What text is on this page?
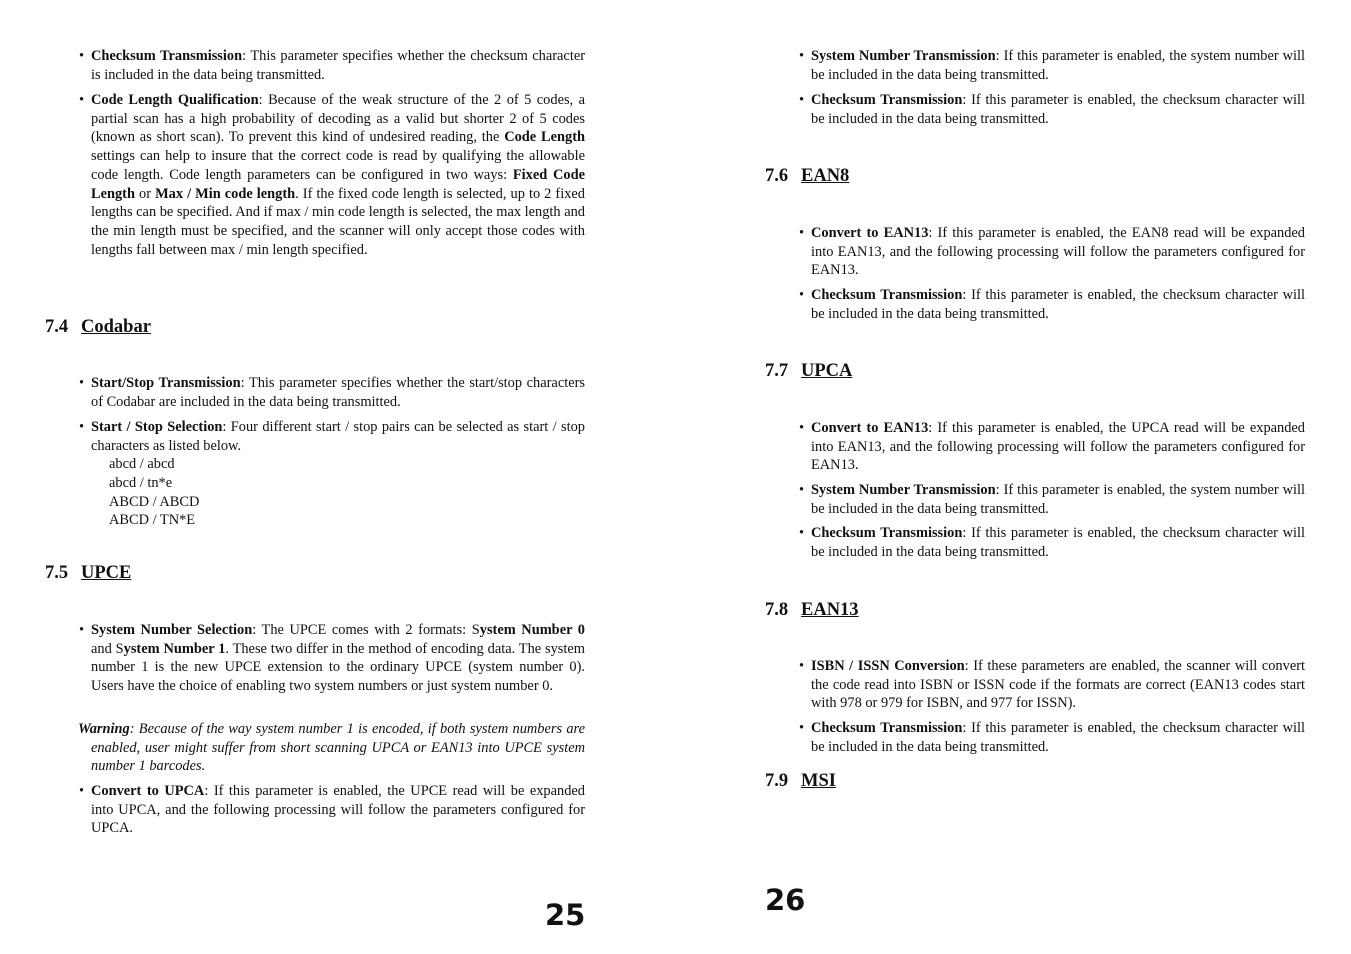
• Checksum Transmission: This parameter specifies whether the checksum character is included in the data being transmitted.
• Code Length Qualification: Because of the weak structure of the 2 of 5 codes, a partial scan has a high probability of decoding as a valid but shorter 2 of 5 codes (known as short scan). To prevent this kind of undesired reading, the Code Length settings can help to insure that the correct code is read by qualifying the allowable code length. Code length parameters can be configured in two ways: Fixed Code Length or Max / Min code length. If the fixed code length is selected, up to 2 fixed lengths can be specified. And if max / min code length is selected, the max length and the min length must be specified, and the scanner will only accept those codes with lengths fall between max / min length specified.
7.4 Codabar
• Start/Stop Transmission: This parameter specifies whether the start/stop characters of Codabar are included in the data being transmitted.
• Start / Stop Selection: Four different start / stop pairs can be selected as start / stop characters as listed below.
abcd / abcd
abcd / tn*e
ABCD / ABCD
ABCD / TN*E
7.5 UPCE
• System Number Selection: The UPCE comes with 2 formats: System Number 0 and System Number 1. These two differ in the method of encoding data. The system number 1 is the new UPCE extension to the ordinary UPCE (system number 0). Users have the choice of enabling two system numbers or just system number 0.
Warning: Because of the way system number 1 is encoded, if both system numbers are enabled, user might suffer from short scanning UPCA or EAN13 into UPCE system number 1 barcodes.
• Convert to UPCA: If this parameter is enabled, the UPCE read will be expanded into UPCA, and the following processing will follow the parameters configured for UPCA.
25
• System Number Transmission: If this parameter is enabled, the system number will be included in the data being transmitted.
• Checksum Transmission: If this parameter is enabled, the checksum character will be included in the data being transmitted.
7.6 EAN8
• Convert to EAN13: If this parameter is enabled, the EAN8 read will be expanded into EAN13, and the following processing will follow the parameters configured for EAN13.
• Checksum Transmission: If this parameter is enabled, the checksum character will be included in the data being transmitted.
7.7 UPCA
• Convert to EAN13: If this parameter is enabled, the UPCA read will be expanded into EAN13, and the following processing will follow the parameters configured for EAN13.
• System Number Transmission: If this parameter is enabled, the system number will be included in the data being transmitted.
• Checksum Transmission: If this parameter is enabled, the checksum character will be included in the data being transmitted.
7.8 EAN13
• ISBN / ISSN Conversion: If these parameters are enabled, the scanner will convert the code read into ISBN or ISSN code if the formats are correct (EAN13 codes start with 978 or 979 for ISBN, and 977 for ISSN).
• Checksum Transmission: If this parameter is enabled, the checksum character will be included in the data being transmitted.
7.9 MSI
26
